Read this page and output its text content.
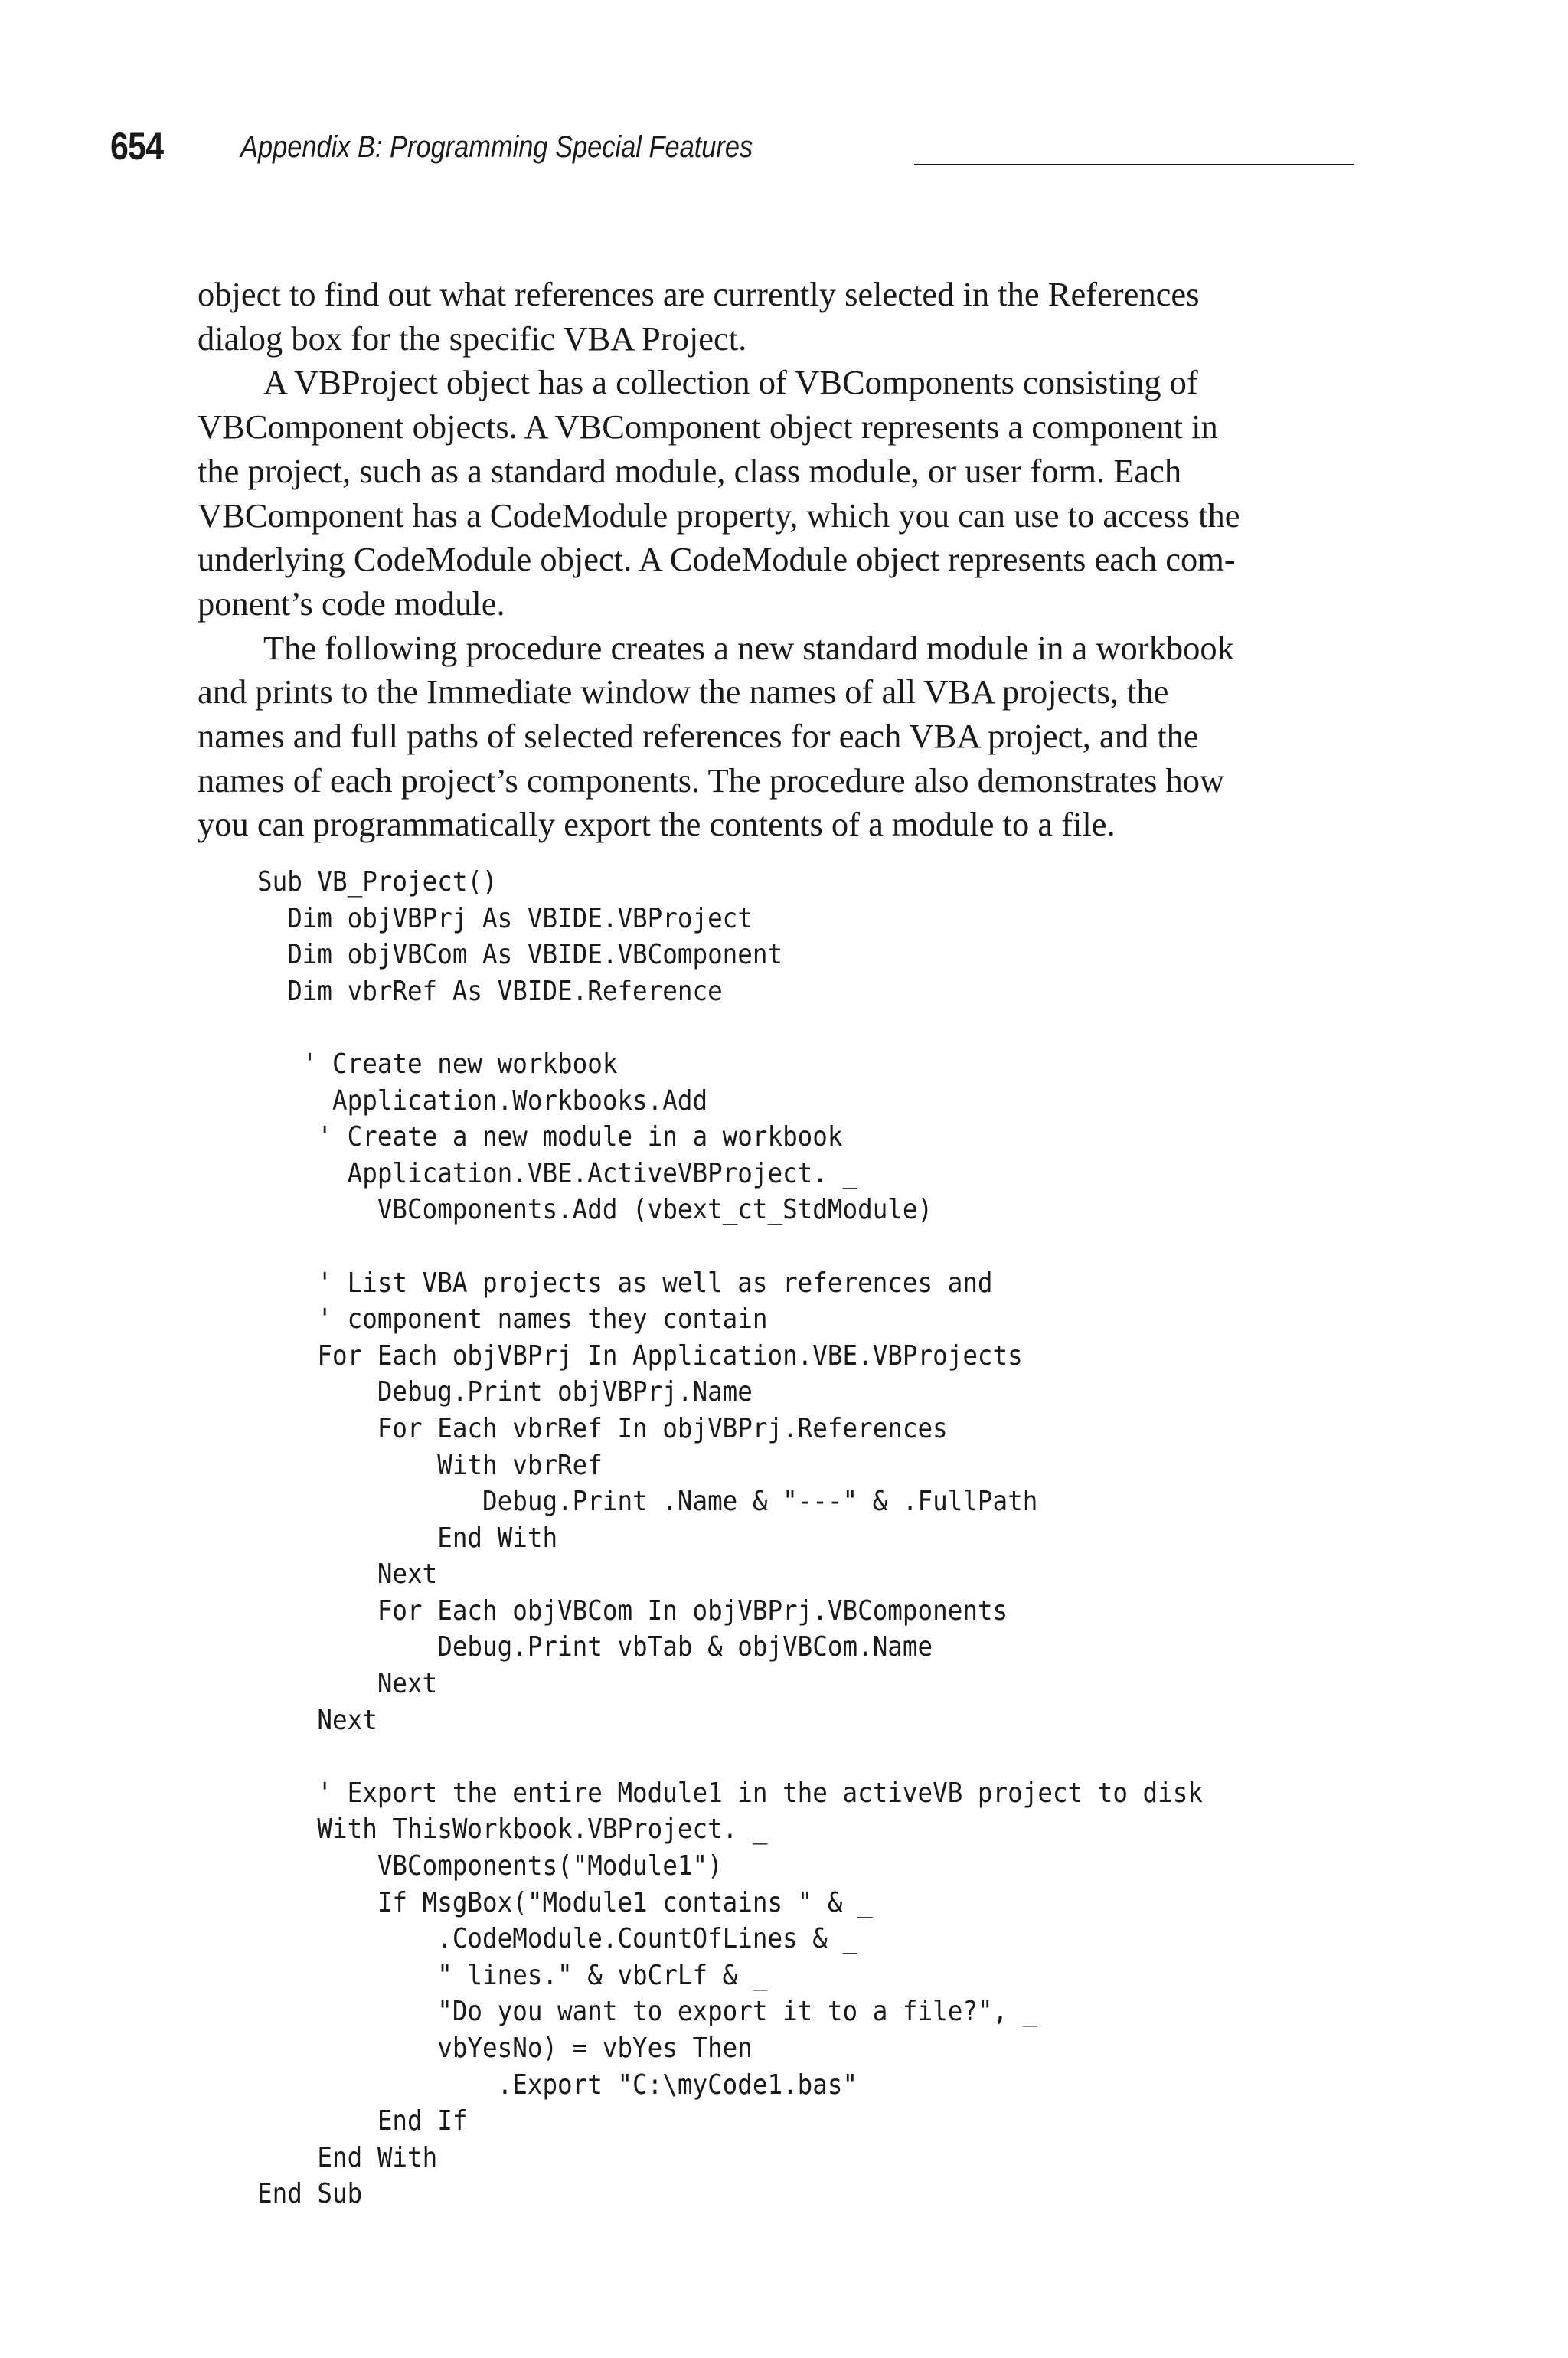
654	Appendix B: Programming Special Features
object to find out what references are currently selected in the References
dialog box for the specific VBA Project.
A VBProject object has a collection of VBComponents consisting of
VBComponent objects. A VBComponent object represents a component in
the project, such as a standard module, class module, or user form. Each
VBComponent has a CodeModule property, which you can use to access the
underlying CodeModule object. A CodeModule object represents each com-
ponent’s code module.
The following procedure creates a new standard module in a workbook
and prints to the Immediate window the names of all VBA projects, the
names and full paths of selected references for each VBA project, and the
names of each project’s components. The procedure also demonstrates how
you can programmatically export the contents of a module to a file.
Sub VB_Project()
Dim objVBPrj As VBIDE.VBProject
Dim objVBCom As VBIDE.VBComponent
Dim vbrRef As VBIDE.Reference
' Create new workbook
Application.Workbooks.Add
' Create a new module in a workbook
Application.VBE.ActiveVBProject. _
VBComponents.Add (vbext_ct_StdModule)
' List VBA projects as well as references and
' component names they contain
For Each objVBPrj In Application.VBE.VBProjects
Debug.Print objVBPrj.Name
For Each vbrRef In objVBPrj.References
With vbrRef
Debug.Print .Name & "---" & .FullPath
End With
Next
For Each objVBCom In objVBPrj.VBComponents
Debug.Print vbTab & objVBCom.Name
Next
Next
' Export the entire Module1 in the activeVB project to disk
With ThisWorkbook.VBProject. _
VBComponents("Module1")
If MsgBox("Module1 contains " & _
.CodeModule.CountOfLines & _
" lines." & vbCrLf & _
"Do you want to export it to a file?", _
vbYesNo) = vbYes Then
.Export "C:\myCode1.bas"
End If
End With
End Sub
